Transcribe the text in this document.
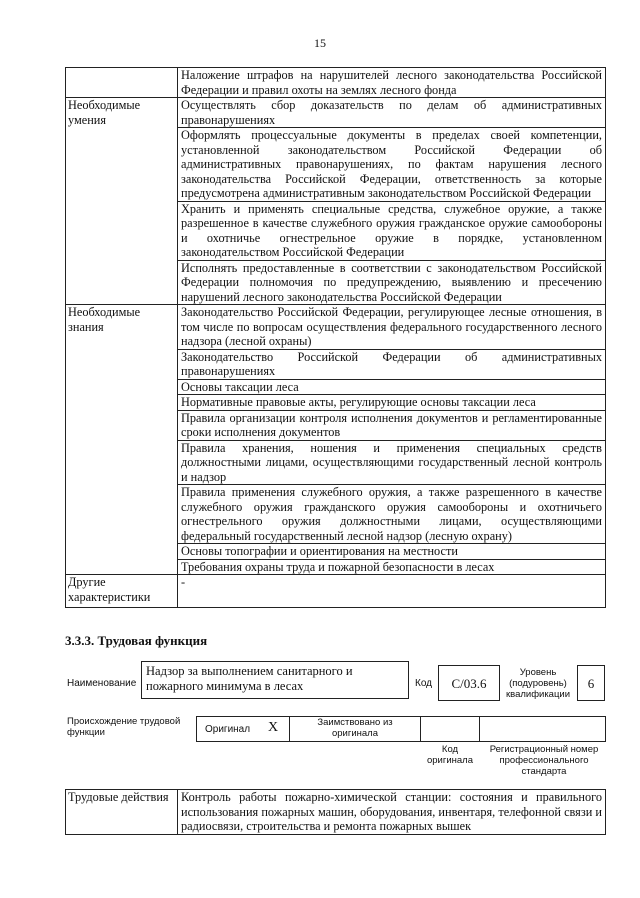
15
	Наложение штрафов на нарушителей лесного законодательства Российской Федерации и правил охоты на землях лесного фонда
Необходимые умения	Осуществлять сбор доказательств по делам об административных правонарушениях
	Оформлять процессуальные документы в пределах своей компетенции, установленной законодательством Российской Федерации об административных правонарушениях, по фактам нарушения лесного законодательства Российской Федерации, ответственность за которые предусмотрена административным законодательством Российской Федерации
	Хранить и применять специальные средства, служебное оружие, а также разрешенное в качестве служебного оружия гражданское оружие самообороны и охотничье огнестрельное оружие в порядке, установленном законодательством Российской Федерации
	Исполнять предоставленные в соответствии с законодательством Российской Федерации полномочия по предупреждению, выявлению и пресечению нарушений лесного законодательства Российской Федерации
Необходимые знания	Законодательство Российской Федерации, регулирующее лесные отношения, в том числе по вопросам осуществления федерального государственного лесного надзора (лесной охраны)
	Законодательство Российской Федерации об административных правонарушениях
	Основы таксации леса
	Нормативные правовые акты, регулирующие основы таксации леса
	Правила организации контроля исполнения документов и регламентированные сроки исполнения документов
	Правила хранения, ношения и применения специальных средств должностными лицами, осуществляющими государственный лесной контроль и надзор
	Правила применения служебного оружия, а также разрешенного в качестве служебного оружия гражданского оружия самообороны и охотничьего огнестрельного оружия должностными лицами, осуществляющими федеральный государственный лесной надзор (лесную охрану)
	Основы топографии и ориентирования на местности
	Требования охраны труда и пожарной безопасности в лесах
Другие характеристики	-
3.3.3. Трудовая функция
Наименование
Надзор за выполнением санитарного и пожарного минимума в лесах	Код	C/03.6
Уровень (подуровень) квалификации
6
Происхождение трудовой функции	Оригинал X	Заимствовано из оригинала
Код оригинала
Регистрационный номер профессионального стандарта
Трудовые действия	Контроль работы пожарно-химической станции: состояния и правильного использования пожарных машин, оборудования, инвентаря, телефонной связи и радиосвязи, строительства и ремонта пожарных вышек
